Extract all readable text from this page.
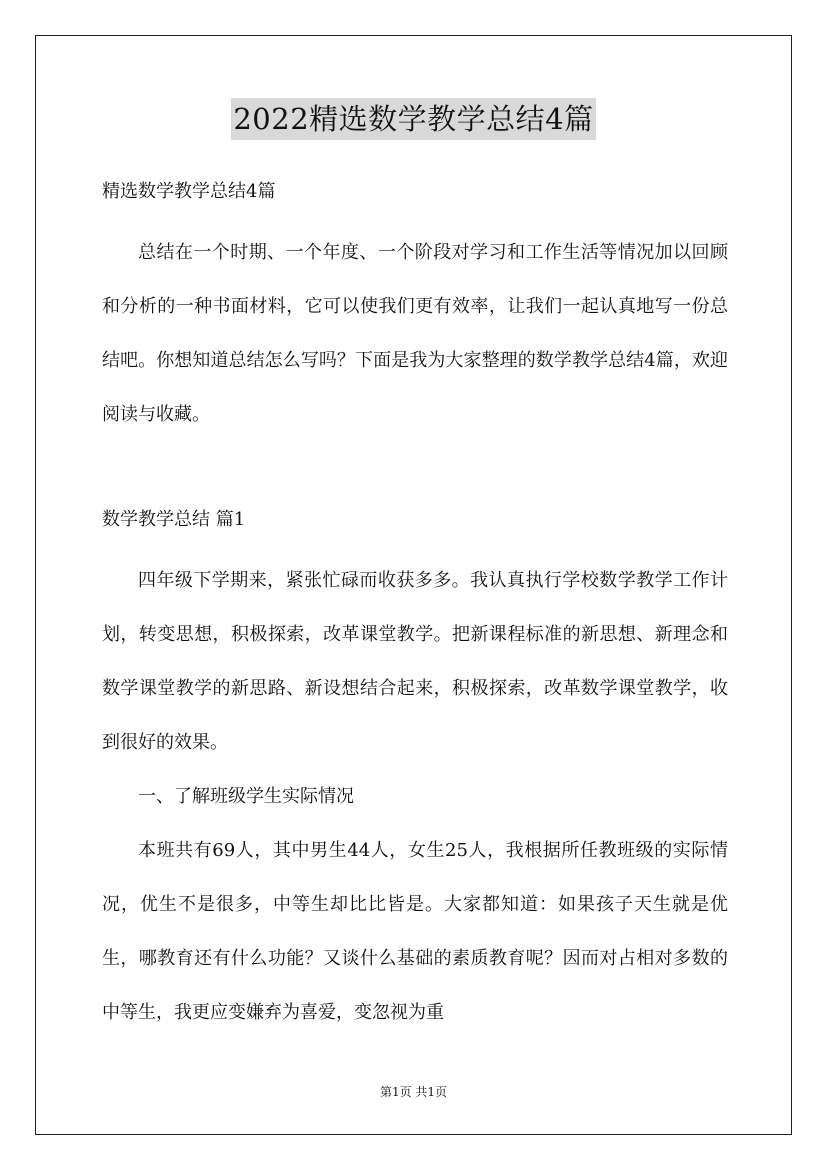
2022精选数学教学总结4篇

精选数学教学总结4篇

总结在一个时期、一个年度、一个阶段对学习和工作生活等情况加以回顾和分析的一种书面材料，它可以使我们更有效率，让我们一起认真地写一份总结吧。你想知道总结怎么写吗？下面是我为大家整理的数学教学总结4篇，欢迎阅读与收藏。

数学教学总结 篇1

四年级下学期来，紧张忙碌而收获多多。我认真执行学校数学教学工作计划，转变思想，积极探索，改革课堂教学。把新课程标准的新思想、新理念和数学课堂教学的新思路、新设想结合起来，积极探索，改革数学课堂教学，收到很好的效果。

一、了解班级学生实际情况

本班共有69人，其中男生44人，女生25人，我根据所任教班级的实际情况，优生不是很多，中等生却比比皆是。大家都知道：如果孩子天生就是优生，哪教育还有什么功能？又谈什么基础的素质教育呢？因而对占相对多数的中等生，我更应变嫌弃为喜爱，变忽视为重

第1页 共1页
